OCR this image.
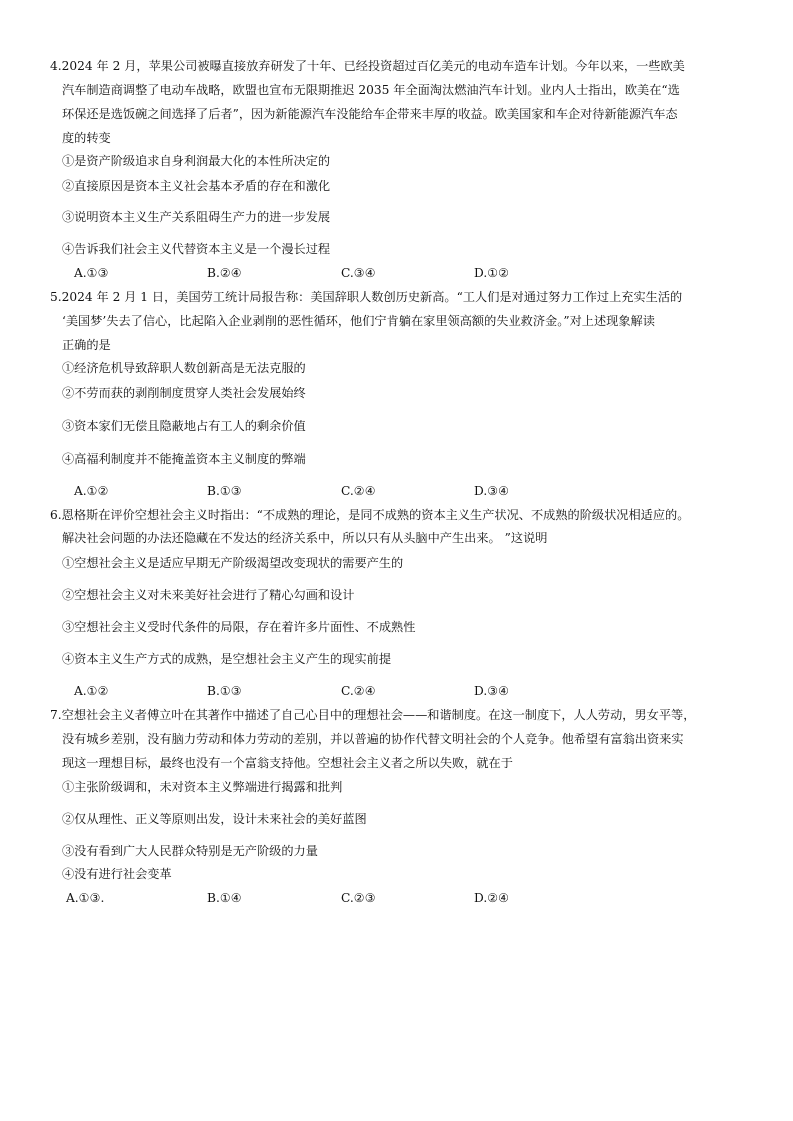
4.2024 年 2 月，苹果公司被曝直接放弃研发了十年、已经投资超过百亿美元的电动车造车计划。今年以来，一些欧美
汽车制造商调整了电动车战略，欧盟也宣布无限期推迟 2035 年全面淘汰燃油汽车计划。业内人士指出，欧美在“选
环保还是选饭碗之间选择了后者”，因为新能源汽车没能给车企带来丰厚的收益。欧美国家和车企对待新能源汽车态
度的转变
①是资产阶级追求自身利润最大化的本性所决定的
②直接原因是资本主义社会基本矛盾的存在和激化
③说明资本主义生产关系阻碍生产力的进一步发展
④告诉我们社会主义代替资本主义是一个漫长过程
A.①③	B.②④	C.③④	D.①②
5.2024 年 2 月 1 日，美国劳工统计局报告称：美国辞职人数创历史新高。“工人们是对通过努力工作过上充实生活的
‘美国梦’失去了信心，比起陷入企业剥削的恶性循环，他们宁肯躺在家里领高额的失业救济金。”对上述现象解读
正确的是
①经济危机导致辞职人数创新高是无法克服的
②不劳而获的剥削制度贯穿人类社会发展始终
③资本家们无偿且隐蔽地占有工人的剩余价值
④高福利制度并不能掩盖资本主义制度的弊端
A.①②	B.①③	C.②④	D.③④
6.恩格斯在评价空想社会主义时指出：“不成熟的理论，是同不成熟的资本主义生产状况、不成熟的阶级状况相适应的。
解决社会问题的办法还隐藏在不发达的经济关系中，所以只有从头脑中产生出来。 ”这说明
①空想社会主义是适应早期无产阶级渴望改变现状的需要产生的
②空想社会主义对未来美好社会进行了精心勾画和设计
③空想社会主义受时代条件的局限，存在着许多片面性、不成熟性
④资本主义生产方式的成熟，是空想社会主义产生的现实前提
A.①②	B.①③	C.②④	D.③④
7.空想社会主义者傅立叶在其著作中描述了自己心目中的理想社会——和谐制度。在这一制度下，人人劳动，男女平等，
没有城乡差别，没有脑力劳动和体力劳动的差别，并以普遍的协作代替文明社会的个人竞争。他希望有富翁出资来实
现这一理想目标，最终也没有一个富翁支持他。空想社会主义者之所以失败，就在于
①主张阶级调和，未对资本主义弊端进行揭露和批判
②仅从理性、正义等原则出发，设计未来社会的美好蓝图
③没有看到广大人民群众特别是无产阶级的力量
④没有进行社会变革
A.①③.	B.①④	C.②③	D.②④
